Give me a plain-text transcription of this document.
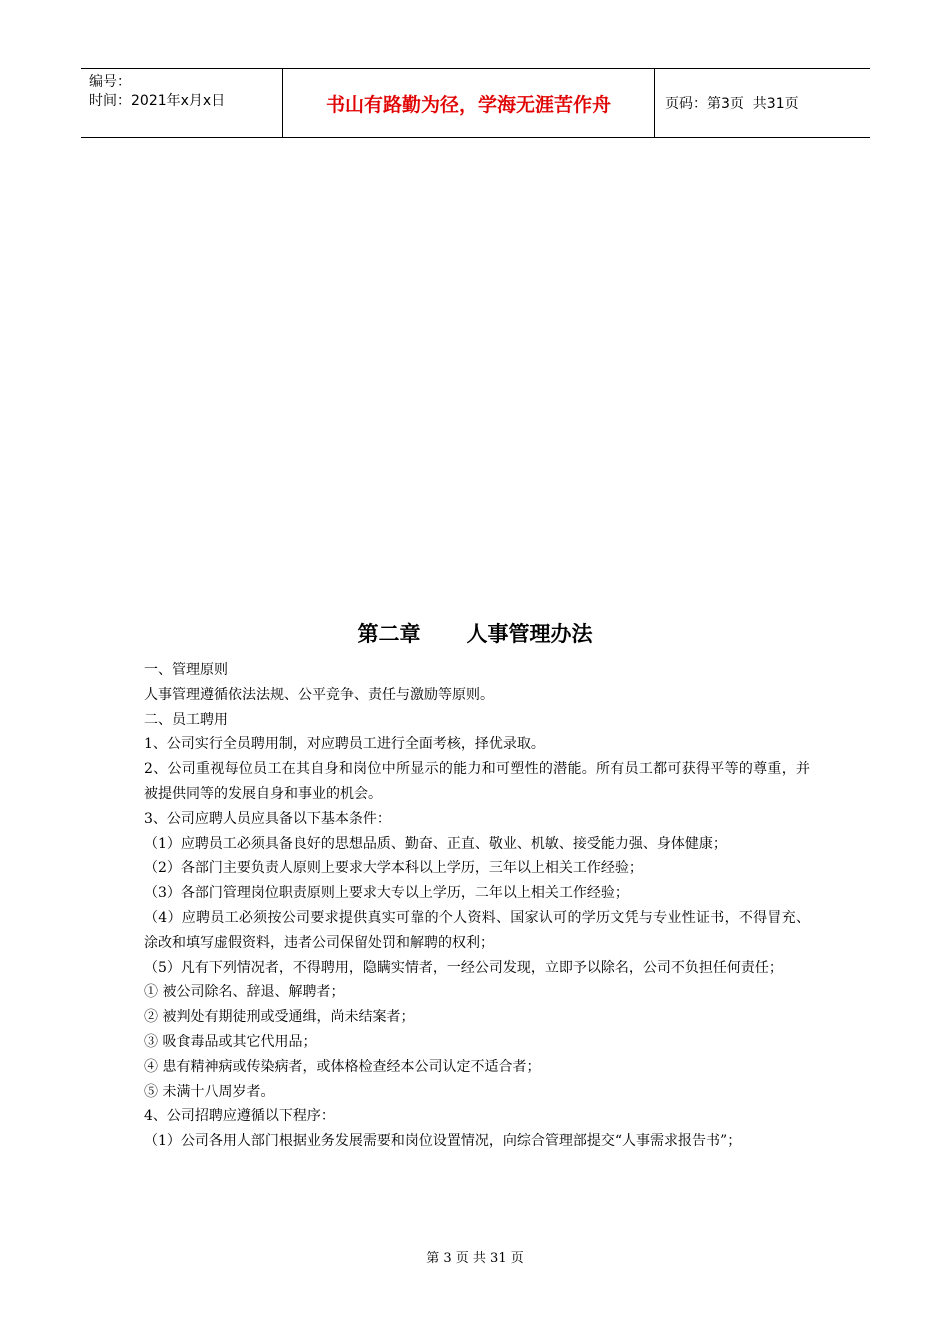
编号：
时间：2021年x月x日	书山有路勤为径，学海无涯苦作舟	页码：第3页  共31页
第二章 人事管理办法

一、管理原则

人事管理遵循依法法规、公平竞争、责任与激励等原则。

二、员工聘用

1、公司实行全员聘用制，对应聘员工进行全面考核，择优录取。

2、公司重视每位员工在其自身和岗位中所显示的能力和可塑性的潜能。所有员工都可获得平等的尊重，并被提供同等的发展自身和事业的机会。

3、公司应聘人员应具备以下基本条件：

（1）应聘员工必须具备良好的思想品质、勤奋、正直、敬业、机敏、接受能力强、身体健康；

（2）各部门主要负责人原则上要求大学本科以上学历，三年以上相关工作经验；

（3）各部门管理岗位职责原则上要求大专以上学历，二年以上相关工作经验；

（4）应聘员工必须按公司要求提供真实可靠的个人资料、国家认可的学历文凭与专业性证书，不得冒充、涂改和填写虚假资料，违者公司保留处罚和解聘的权利；

（5）凡有下列情况者，不得聘用，隐瞒实情者，一经公司发现，立即予以除名，公司不负担任何责任；

① 被公司除名、辞退、解聘者；

② 被判处有期徒刑或受通缉，尚未结案者；

③ 吸食毒品或其它代用品；

④ 患有精神病或传染病者，或体格检查经本公司认定不适合者；

⑤ 未满十八周岁者。

4、公司招聘应遵循以下程序：

（1）公司各用人部门根据业务发展需要和岗位设置情况，向综合管理部提交“人事需求报告书”；

第 3 页 共 31 页
